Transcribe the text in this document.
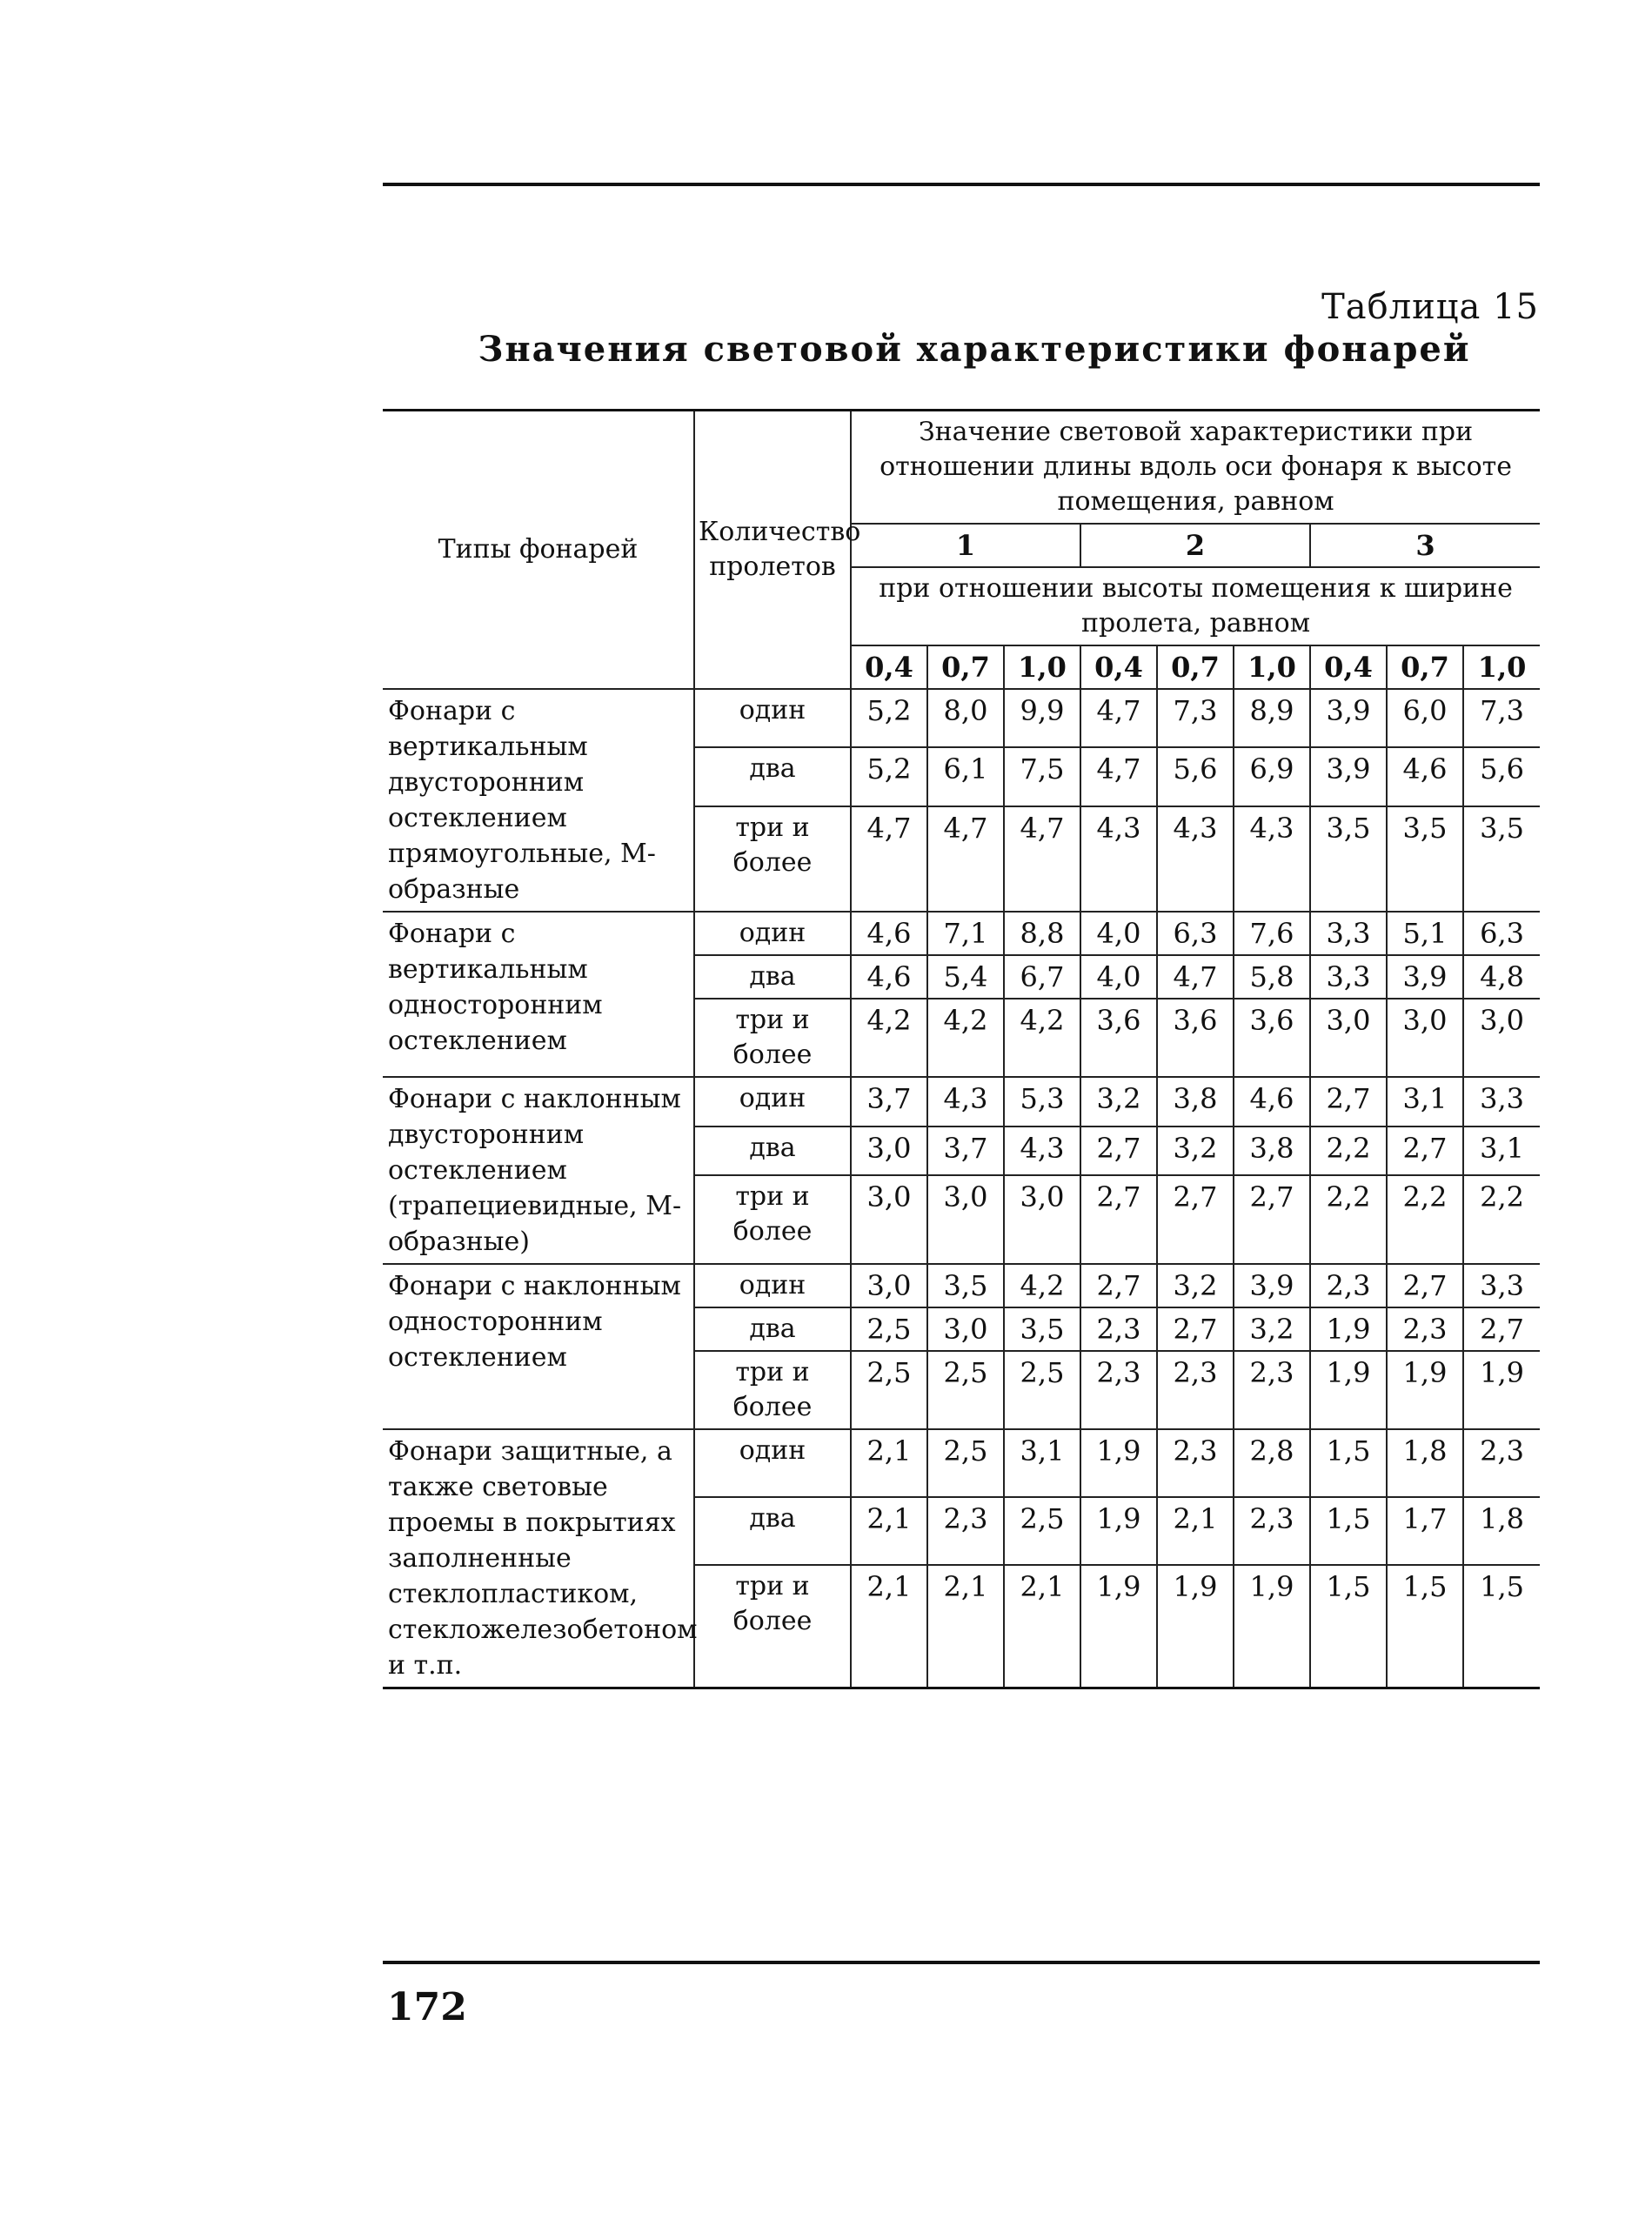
Таблица 15
Значения световой характеристики фонарей
Типы фонарей	Количество пролетов	Значение световой характеристики при отношении длины вдоль оси фонаря к высоте помещения, равном								
		1			2			3		
		при отношении высоты помещения к ширине пролета, равном								
		0,4	0,7	1,0	0,4	0,7	1,0	0,4	0,7	1,0
Фонари с вертикальным двусторонним остеклением прямоугольные, М-образные	один	5,2	8,0	9,9	4,7	7,3	8,9	3,9	6,0	7,3
	два	5,2	6,1	7,5	4,7	5,6	6,9	3,9	4,6	5,6
	три и более	4,7	4,7	4,7	4,3	4,3	4,3	3,5	3,5	3,5
Фонари с вертикальным односторонним остеклением	один	4,6	7,1	8,8	4,0	6,3	7,6	3,3	5,1	6,3
	два	4,6	5,4	6,7	4,0	4,7	5,8	3,3	3,9	4,8
	три и более	4,2	4,2	4,2	3,6	3,6	3,6	3,0	3,0	3,0
Фонари с наклонным двусторонним остеклением (трапециевидные, М-образные)	один	3,7	4,3	5,3	3,2	3,8	4,6	2,7	3,1	3,3
	два	3,0	3,7	4,3	2,7	3,2	3,8	2,2	2,7	3,1
	три и более	3,0	3,0	3,0	2,7	2,7	2,7	2,2	2,2	2,2
Фонари с наклонным односторонним остеклением	один	3,0	3,5	4,2	2,7	3,2	3,9	2,3	2,7	3,3
	два	2,5	3,0	3,5	2,3	2,7	3,2	1,9	2,3	2,7
	три и более	2,5	2,5	2,5	2,3	2,3	2,3	1,9	1,9	1,9
Фонари защитные, а также световые проемы в покрытиях заполненные стеклопластиком, стекложелезобетоном и т.п.	один	2,1	2,5	3,1	1,9	2,3	2,8	1,5	1,8	2,3
	два	2,1	2,3	2,5	1,9	2,1	2,3	1,5	1,7	1,8
	три и более	2,1	2,1	2,1	1,9	1,9	1,9	1,5	1,5	1,5
172
